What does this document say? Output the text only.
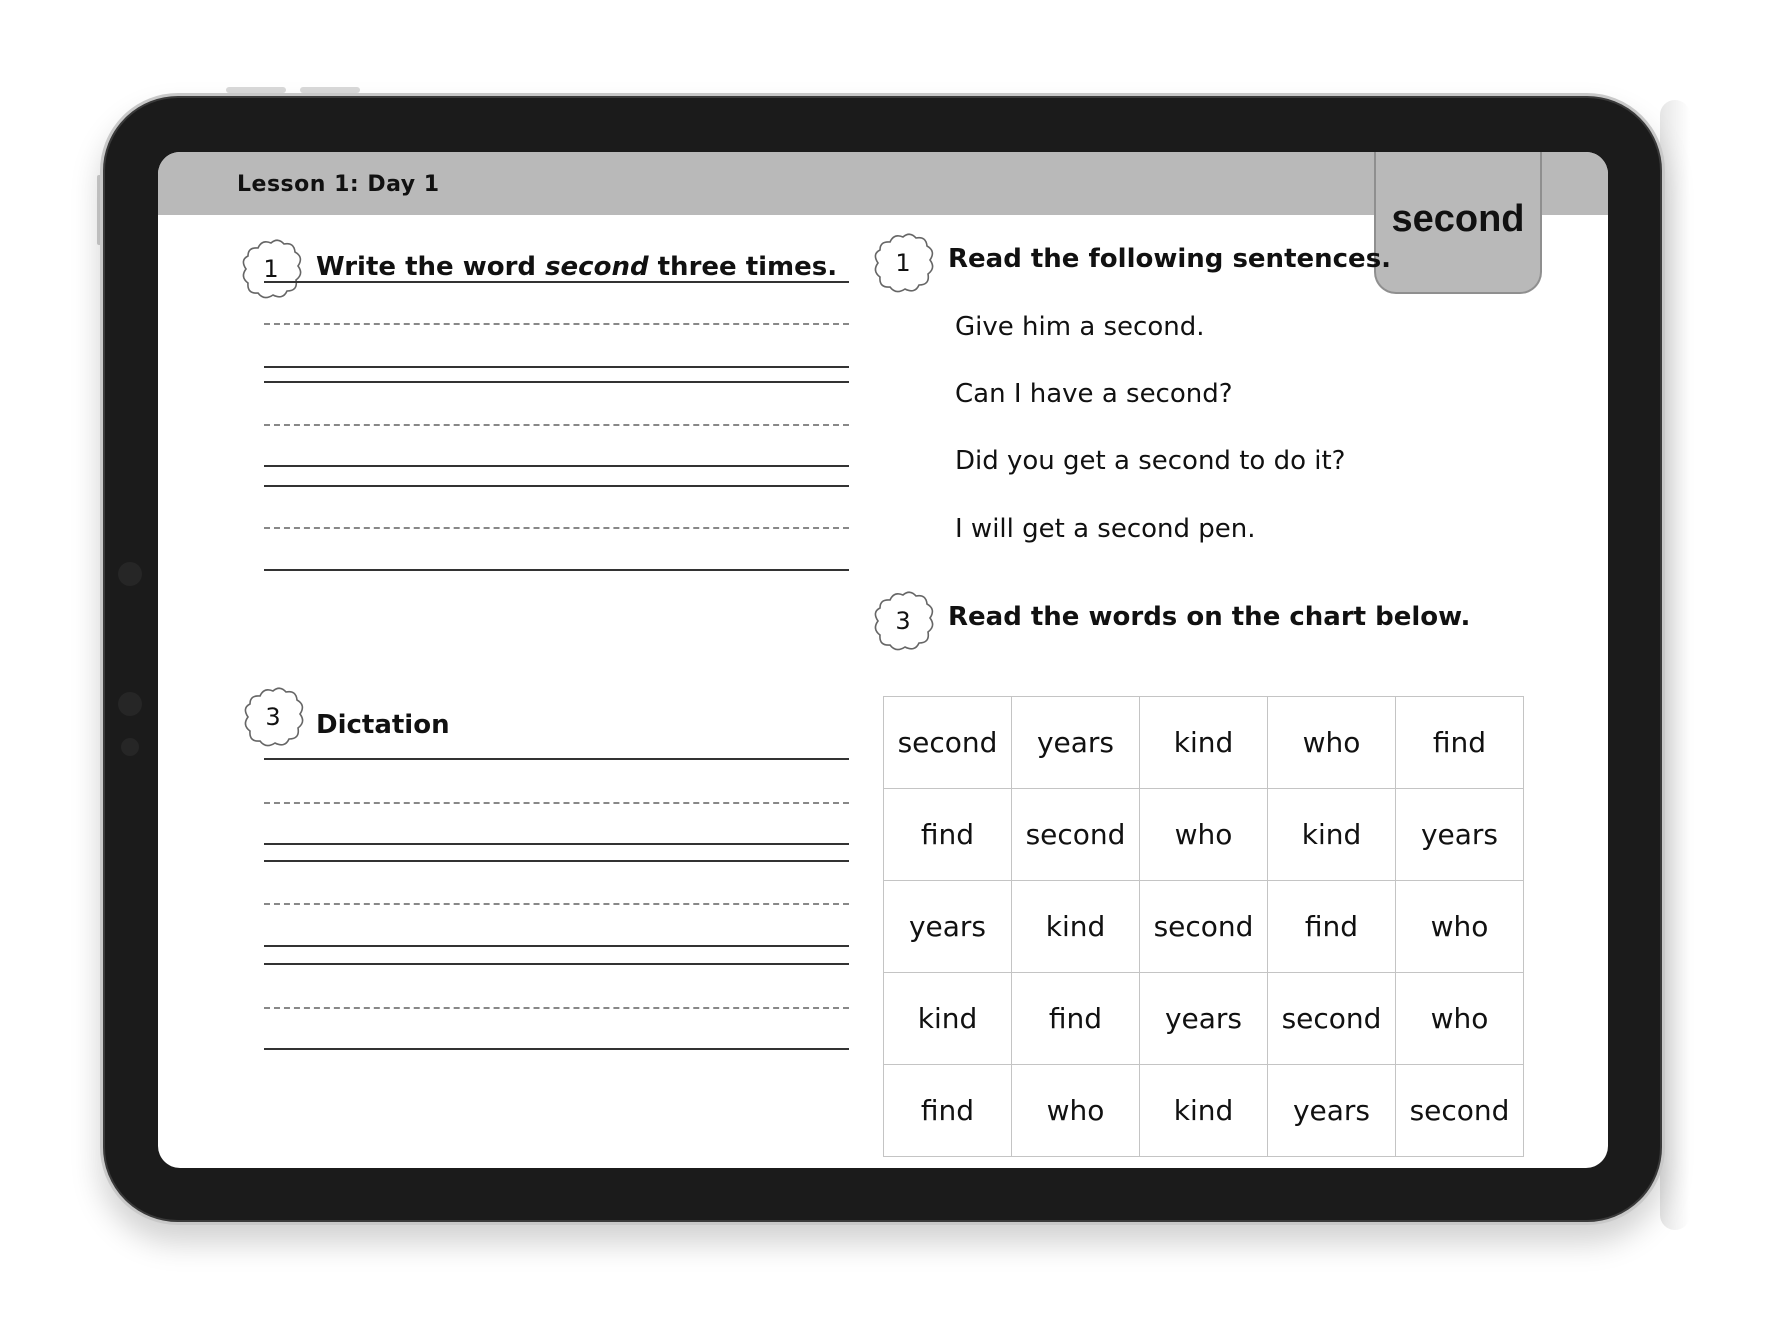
Lesson 1: Day 1
second
1	Write the word second three times.
3	Dictation
1	Read the following sentences.
Give him a second.
Can I have a second?
Did you get a second to do it?
I will get a second pen.
3	Read the words on the chart below.
second	years	kind	who	find
find	second	who	kind	years
years	kind	second	find	who
kind	find	years	second	who
find	who	kind	years	second
